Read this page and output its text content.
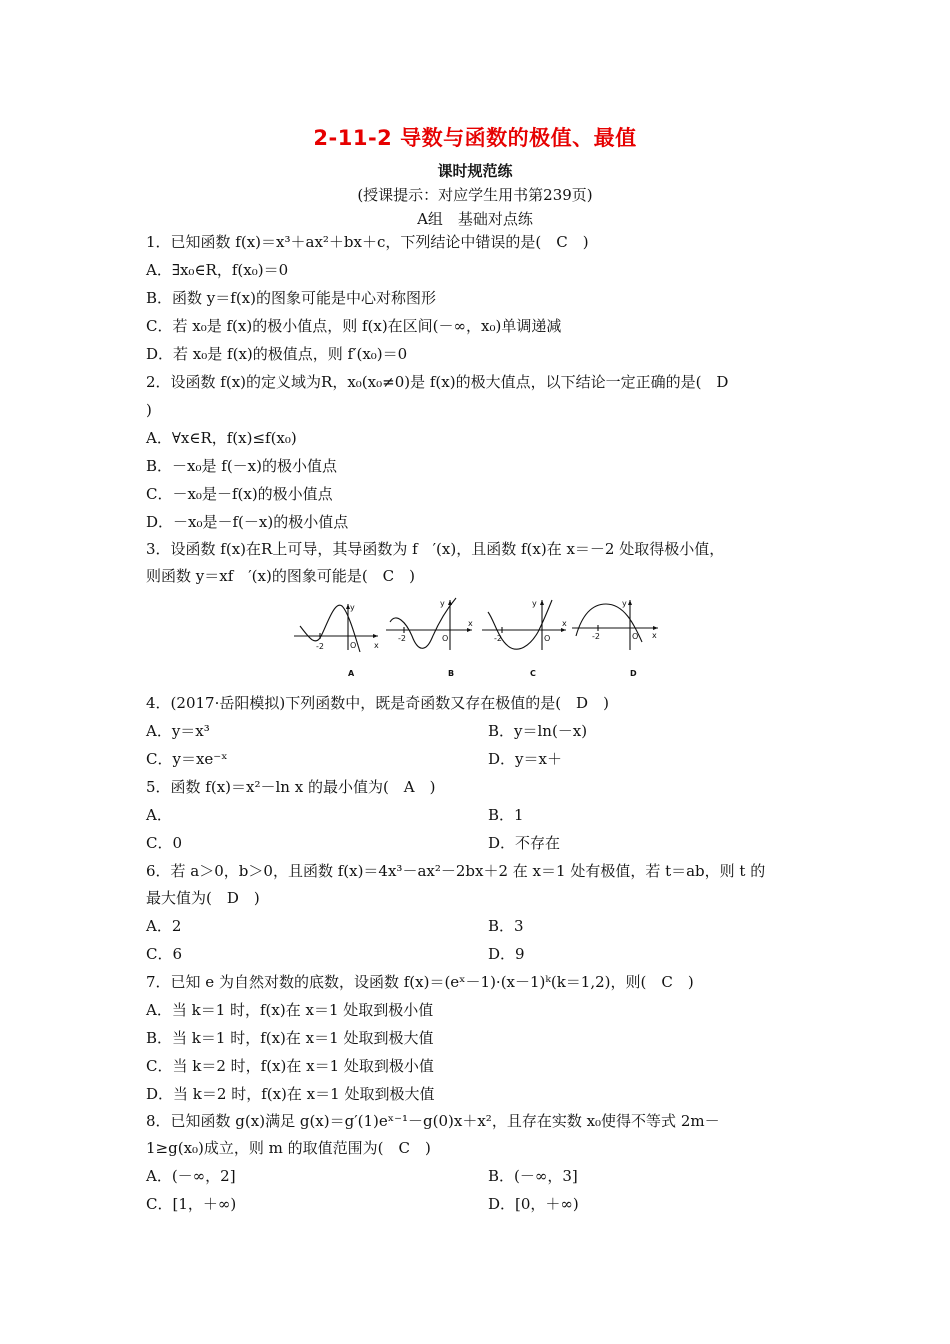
2-11-2 导数与函数的极值、最值
课时规范练
(授课提示：对应学生用书第239页)
A组　基础对点练
1．已知函数 f(x)＝x³＋ax²＋bx＋c，下列结论中错误的是(　C　)
A．∃x₀∈R，f(x₀)＝0
B．函数 y＝f(x)的图象可能是中心对称图形
C．若 x₀是 f(x)的极小值点，则 f(x)在区间(－∞，x₀)单调递减
D．若 x₀是 f(x)的极值点，则 f′(x₀)＝0
2．设函数 f(x)的定义域为R，x₀(x₀≠0)是 f(x)的极大值点，以下结论一定正确的是(　D
)
A．∀x∈R，f(x)≤f(x₀)
B．－x₀是 f(－x)的极小值点
C．－x₀是－f(x)的极小值点
D．－x₀是－f(－x)的极小值点
3．设函数 f(x)在R上可导，其导函数为 f　′(x)，且函数 f(x)在 x＝－2 处取得极小值，
则函数 y＝xf　′(x)的图象可能是(　C　)
-2	x
y
O
A
-2
x
y
O
B
-2
x
y
O
C
-2	x
y
O
D
4．(2017·岳阳模拟)下列函数中，既是奇函数又存在极值的是(　D　)
A．y＝x³	B．y＝ln(－x)
C．y＝xe⁻ˣ	D．y＝x＋
5．函数 f(x)＝x²－ln x 的最小值为(　A　)
A．	B．1
C．0	D．不存在
6．若 a＞0，b＞0，且函数 f(x)＝4x³－ax²－2bx＋2 在 x＝1 处有极值，若 t＝ab，则 t 的
最大值为(　D　)
A．2	B．3
C．6	D．9
7．已知 e 为自然对数的底数，设函数 f(x)＝(eˣ－1)·(x－1)ᵏ(k＝1,2)，则(　C　)
A．当 k＝1 时，f(x)在 x＝1 处取到极小值
B．当 k＝1 时，f(x)在 x＝1 处取到极大值
C．当 k＝2 时，f(x)在 x＝1 处取到极小值
D．当 k＝2 时，f(x)在 x＝1 处取到极大值
8．已知函数 g(x)满足 g(x)＝g′(1)eˣ⁻¹－g(0)x＋x²，且存在实数 x₀使得不等式 2m－
1≥g(x₀)成立，则 m 的取值范围为(　C　)
A．(－∞，2]	B．(－∞，3]
C．[1，＋∞)	D．[0，＋∞)
